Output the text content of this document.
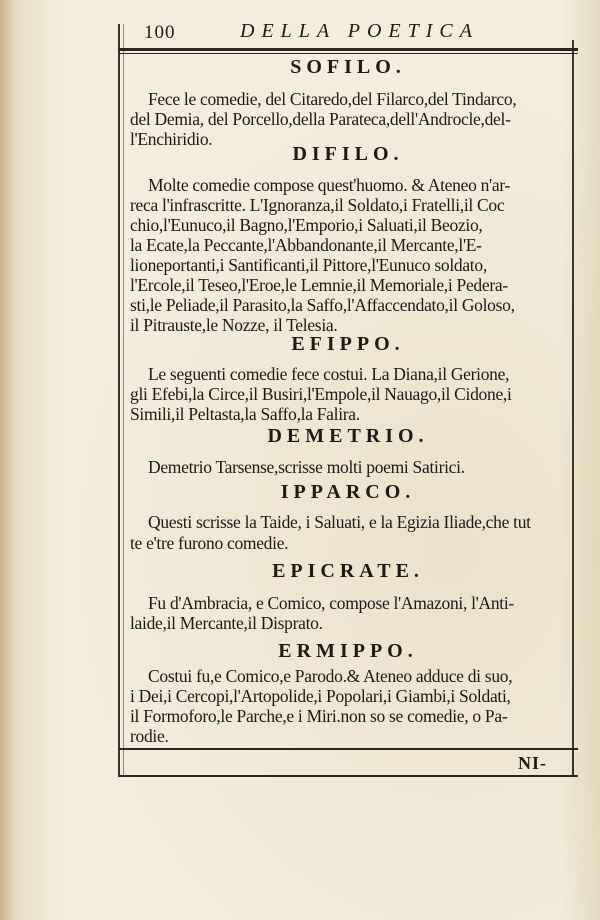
100	DELLA POETICA
SOFILO.
Fece le comedie, del Citaredo,del Filarco,del Tindarco,
del Demia, del Porcello,della Parateca,dell'Androcle,del-
l'Enchiridio.
DIFILO.
Molte comedie compose quest'huomo. & Ateneo n'ar-
reca l'infrascritte. L'Ignoranza,il Soldato,i Fratelli,il Coc
chio,l'Eunuco,il Bagno,l'Emporio,i Saluati,il Beozio,
la Ecate,la Peccante,l'Abbandonante,il Mercante,l'E-
lioneportanti,i Santificanti,il Pittore,l'Eunuco soldato,
l'Ercole,il Teseo,l'Eroe,le Lemnie,il Memoriale,i Pedera-
sti,le Peliade,il Parasito,la Saffo,l'Affaccendato,il Goloso,
il Pitrauste,le Nozze, il Telesia.
EFIPPO.
Le seguenti comedie fece costui. La Diana,il Gerione,
gli Efebi,la Circe,il Busiri,l'Empole,il Nauago,il Cidone,i
Simili,il Peltasta,la Saffo,la Falira.
DEMETRIO.
Demetrio Tarsense,scrisse molti poemi Satirici.
IPPARCO.
Questi scrisse la Taide, i Saluati, e la Egizia Iliade,che tut
te e'tre furono comedie.
EPICRATE.
Fu d'Ambracia, e Comico, compose l'Amazoni, l'Anti-
laide,il Mercante,il Disprato.
ERMIPPO.
Costui fu,e Comico,e Parodo.& Ateneo adduce di suo,
i Dei,i Cercopi,l'Artopolide,i Popolari,i Giambi,i Soldati,
il Formoforo,le Parche,e i Miri.non so se comedie, o Pa-
rodie.
NI-
